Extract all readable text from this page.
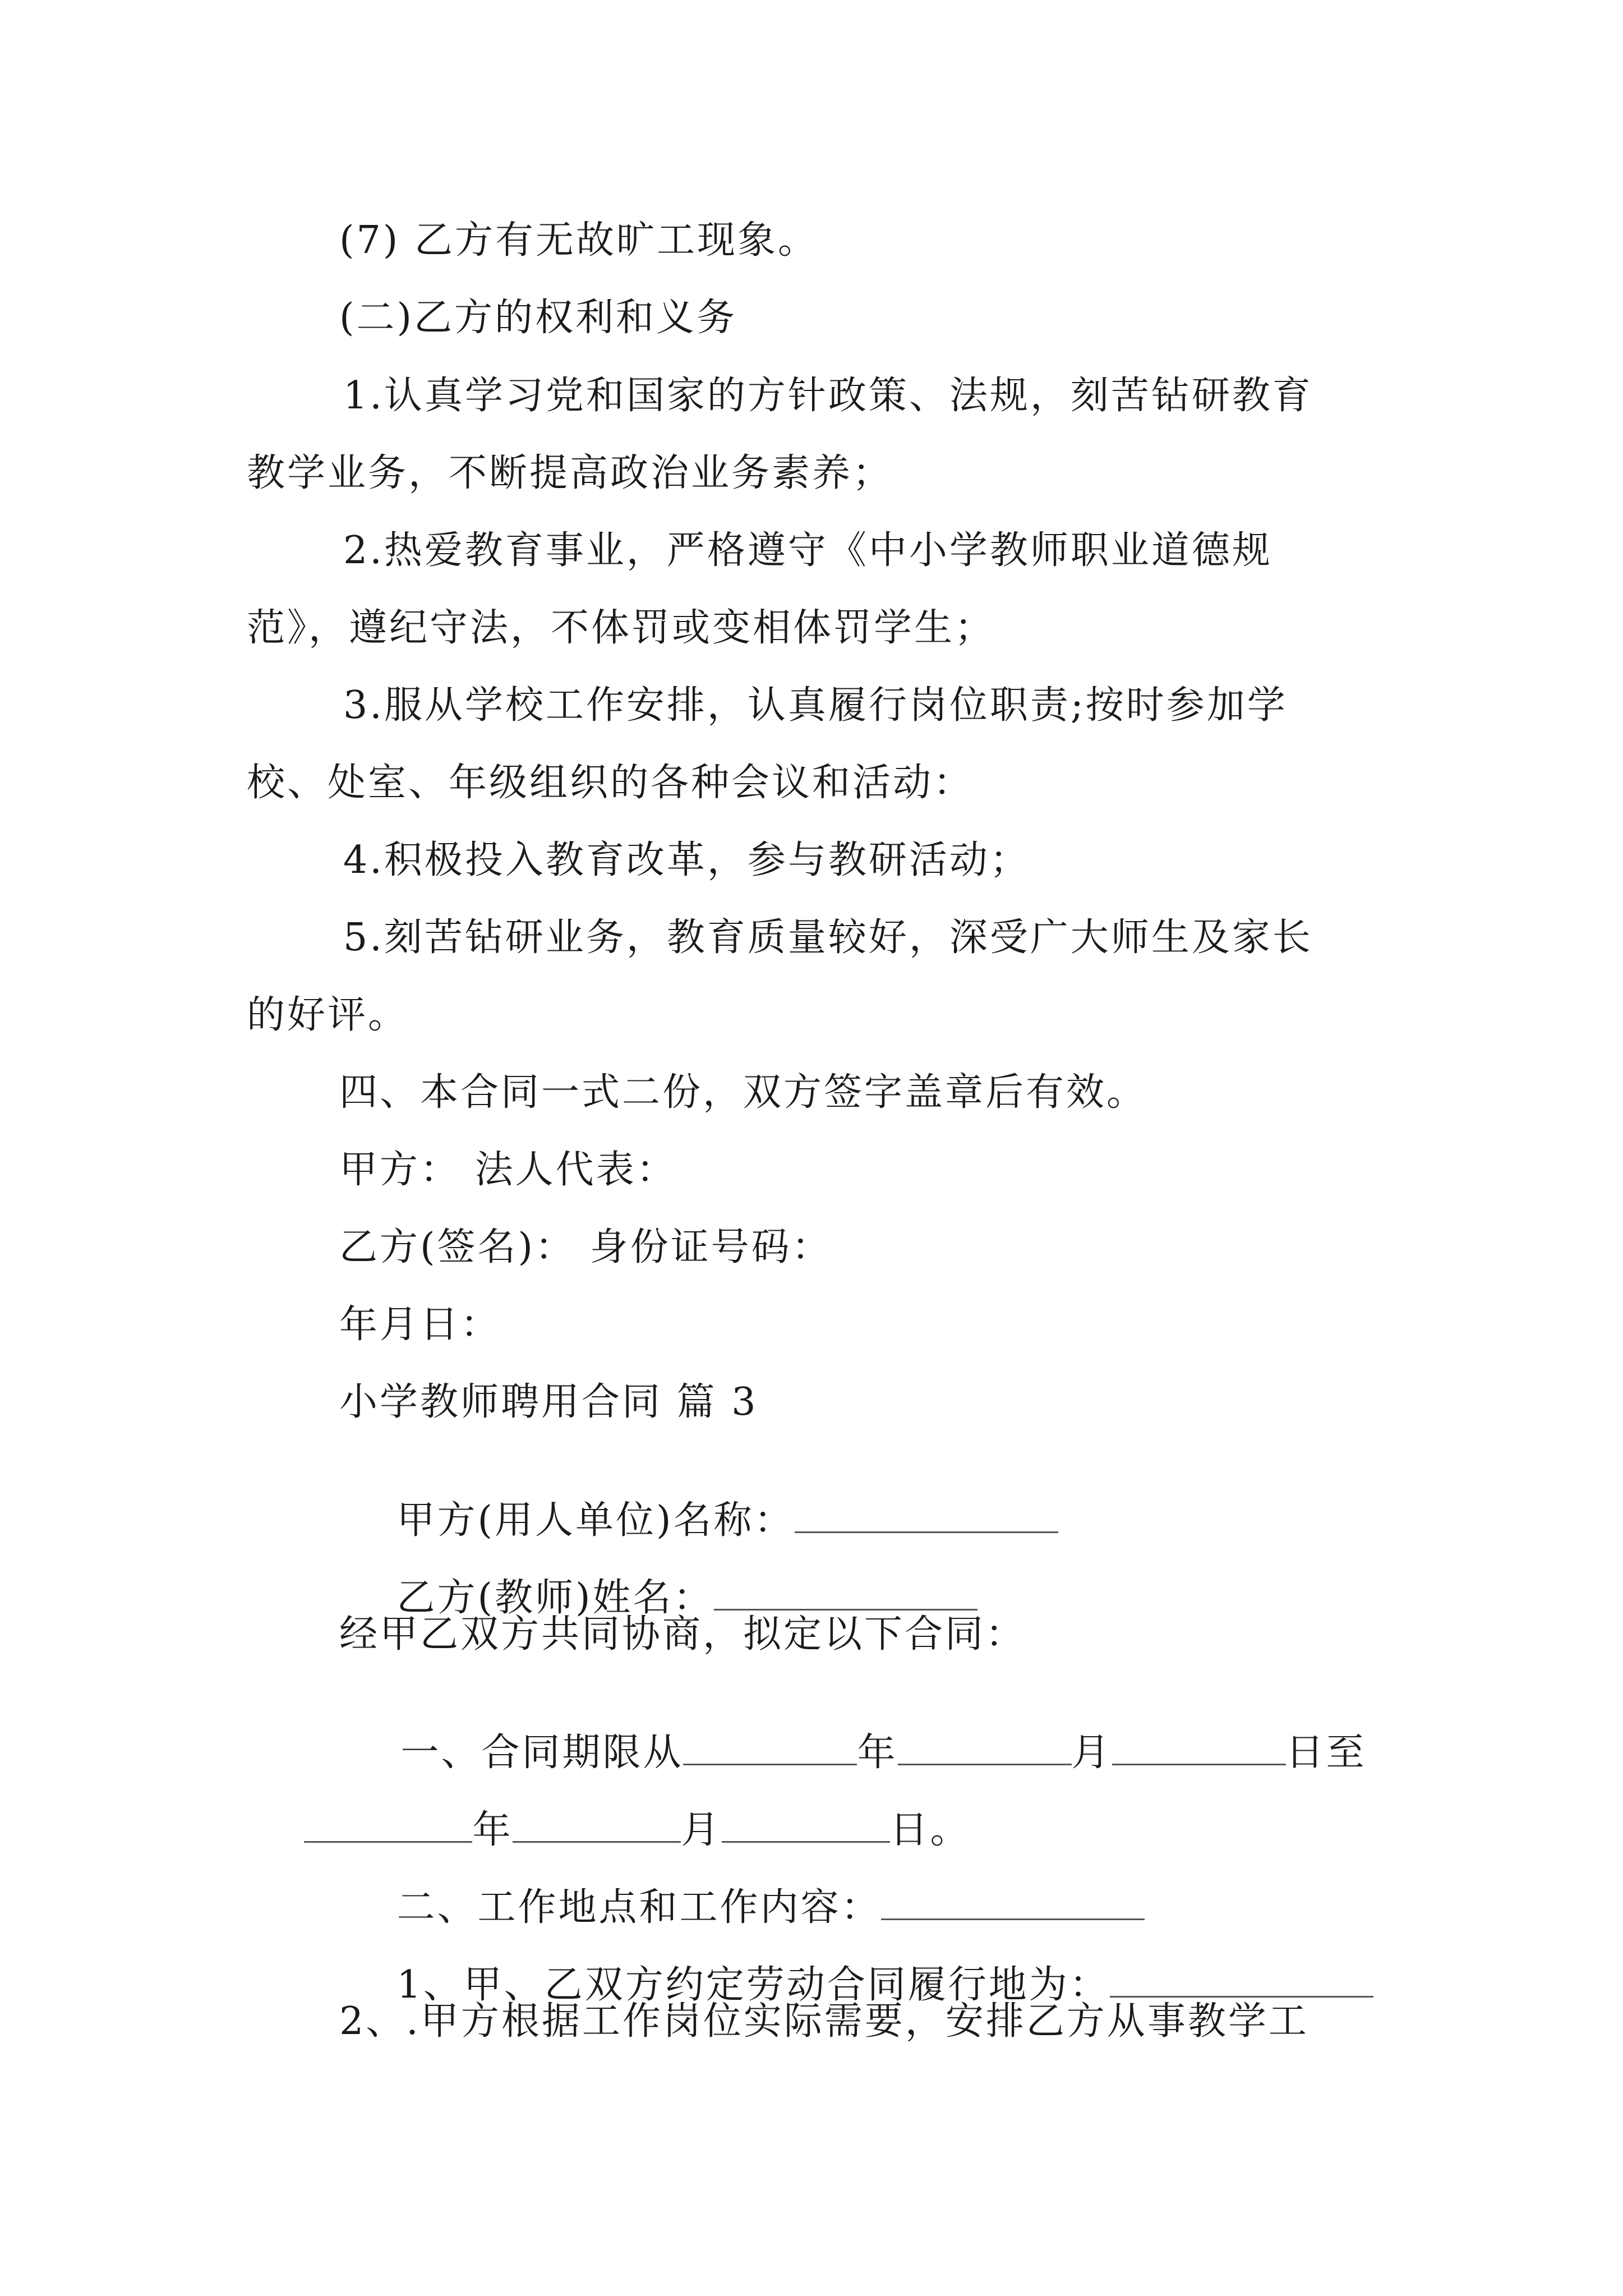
(7) 乙方有无故旷工现象。
(二)乙方的权利和义务
1.认真学习党和国家的方针政策、法规，刻苦钻研教育
教学业务，不断提高政治业务素养；
2.热爱教育事业，严格遵守《中小学教师职业道德规
范》，遵纪守法，不体罚或变相体罚学生；
3.服从学校工作安排，认真履行岗位职责;按时参加学
校、处室、年级组织的各种会议和活动：
4.积极投入教育改革，参与教研活动；
5.刻苦钻研业务，教育质量较好，深受广大师生及家长
的好评。
四、本合同一式二份，双方签字盖章后有效。
甲方： 法人代表：
乙方(签名)： 身份证号码：
年月日：
小学教师聘用合同 篇 3

甲方(用人单位)名称：

乙方(教师)姓名：

经甲乙双方共同协商，拟定以下合同：

一、合同期限从	年	月	日至

年	月	日。

二、工作地点和工作内容：

1、甲、乙双方约定劳动合同履行地为：

2、.甲方根据工作岗位实际需要，安排乙方从事教学工
